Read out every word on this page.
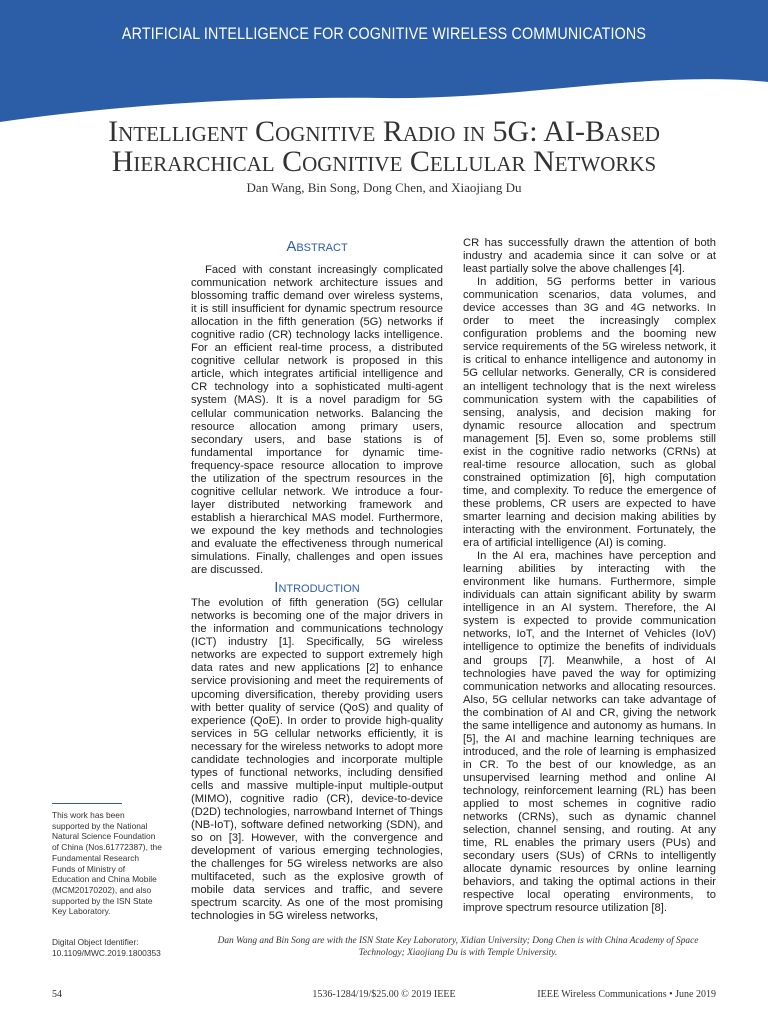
ARTIFICIAL INTELLIGENCE FOR COGNITIVE WIRELESS COMMUNICATIONS
Intelligent Cognitive Radio in 5G: AI-Based
Hierarchical Cognitive Cellular Networks
Dan Wang, Bin Song, Dong Chen, and Xiaojiang Du
Abstract

Faced with constant increasingly complicated communication network architecture issues and blossoming traffic demand over wireless systems, it is still insufficient for dynamic spectrum resource allocation in the fifth generation (5G) networks if cognitive radio (CR) technology lacks intelligence. For an efficient real-time process, a distributed cognitive cellular network is proposed in this article, which integrates artificial intelligence and CR technology into a sophisticated multi-agent system (MAS). It is a novel paradigm for 5G cellular communication networks. Balancing the resource allocation among primary users, secondary users, and base stations is of fundamental importance for dynamic time-frequency-space resource allocation to improve the utilization of the spectrum resources in the cognitive cellular network. We introduce a four-layer distributed networking framework and establish a hierarchical MAS model. Furthermore, we expound the key methods and technologies and evaluate the effectiveness through numerical simulations. Finally, challenges and open issues are discussed.

Introduction

The evolution of fifth generation (5G) cellular networks is becoming one of the major drivers in the information and communications technology (ICT) industry [1]. Specifically, 5G wireless networks are expected to support extremely high data rates and new applications [2] to enhance service provisioning and meet the requirements of upcoming diversification, thereby providing users with better quality of service (QoS) and quality of experience (QoE). In order to provide high-quality services in 5G cellular networks efficiently, it is necessary for the wireless networks to adopt more candidate technologies and incorporate multiple types of functional networks, including densified cells and massive multiple-input multiple-output (MIMO), cognitive radio (CR), device-to-device (D2D) technologies, narrowband Internet of Things (NB-IoT), software defined networking (SDN), and so on [3]. However, with the convergence and development of various emerging technologies, the challenges for 5G wireless networks are also multifaceted, such as the explosive growth of mobile data services and traffic, and severe spectrum scarcity. As one of the most promising technologies in 5G wireless networks,

CR has successfully drawn the attention of both industry and academia since it can solve or at least partially solve the above challenges [4].

In addition, 5G performs better in various communication scenarios, data volumes, and device accesses than 3G and 4G networks. In order to meet the increasingly complex configuration problems and the booming new service requirements of the 5G wireless network, it is critical to enhance intelligence and autonomy in 5G cellular networks. Generally, CR is considered an intelligent technology that is the next wireless communication system with the capabilities of sensing, analysis, and decision making for dynamic resource allocation and spectrum management [5]. Even so, some problems still exist in the cognitive radio networks (CRNs) at real-time resource allocation, such as global constrained optimization [6], high computation time, and complexity. To reduce the emergence of these problems, CR users are expected to have smarter learning and decision making abilities by interacting with the environment. Fortunately, the era of artificial intelligence (AI) is coming.

In the AI era, machines have perception and learning abilities by interacting with the environment like humans. Furthermore, simple individuals can attain significant ability by swarm intelligence in an AI system. Therefore, the AI system is expected to provide communication networks, IoT, and the Internet of Vehicles (IoV) intelligence to optimize the benefits of individuals and groups [7]. Meanwhile, a host of AI technologies have paved the way for optimizing communication networks and allocating resources. Also, 5G cellular networks can take advantage of the combination of AI and CR, giving the network the same intelligence and autonomy as humans. In [5], the AI and machine learning techniques are introduced, and the role of learning is emphasized in CR. To the best of our knowledge, as an unsupervised learning method and online AI technology, reinforcement learning (RL) has been applied to most schemes in cognitive radio networks (CRNs), such as dynamic channel selection, channel sensing, and routing. At any time, RL enables the primary users (PUs) and secondary users (SUs) of CRNs to intelligently allocate dynamic resources by online learning behaviors, and taking the optimal actions in their respective local operating environments, to improve spectrum resource utilization [8].

This work has been supported by the National Natural Science Foundation of China (Nos.61772387), the Fundamental Research Funds of Ministry of Education and China Mobile (MCM20170202), and also supported by the ISN State Key Laboratory.
Digital Object Identifier: 10.1109/MWC.2019.1800353
Dan Wang and Bin Song are with the ISN State Key Laboratory, Xidian University; Dong Chen is with China Academy of Space Technology; Xiaojiang Du is with Temple University.
54	1536-1284/19/$25.00 © 2019 IEEE	IEEE Wireless Communications • June 2019
